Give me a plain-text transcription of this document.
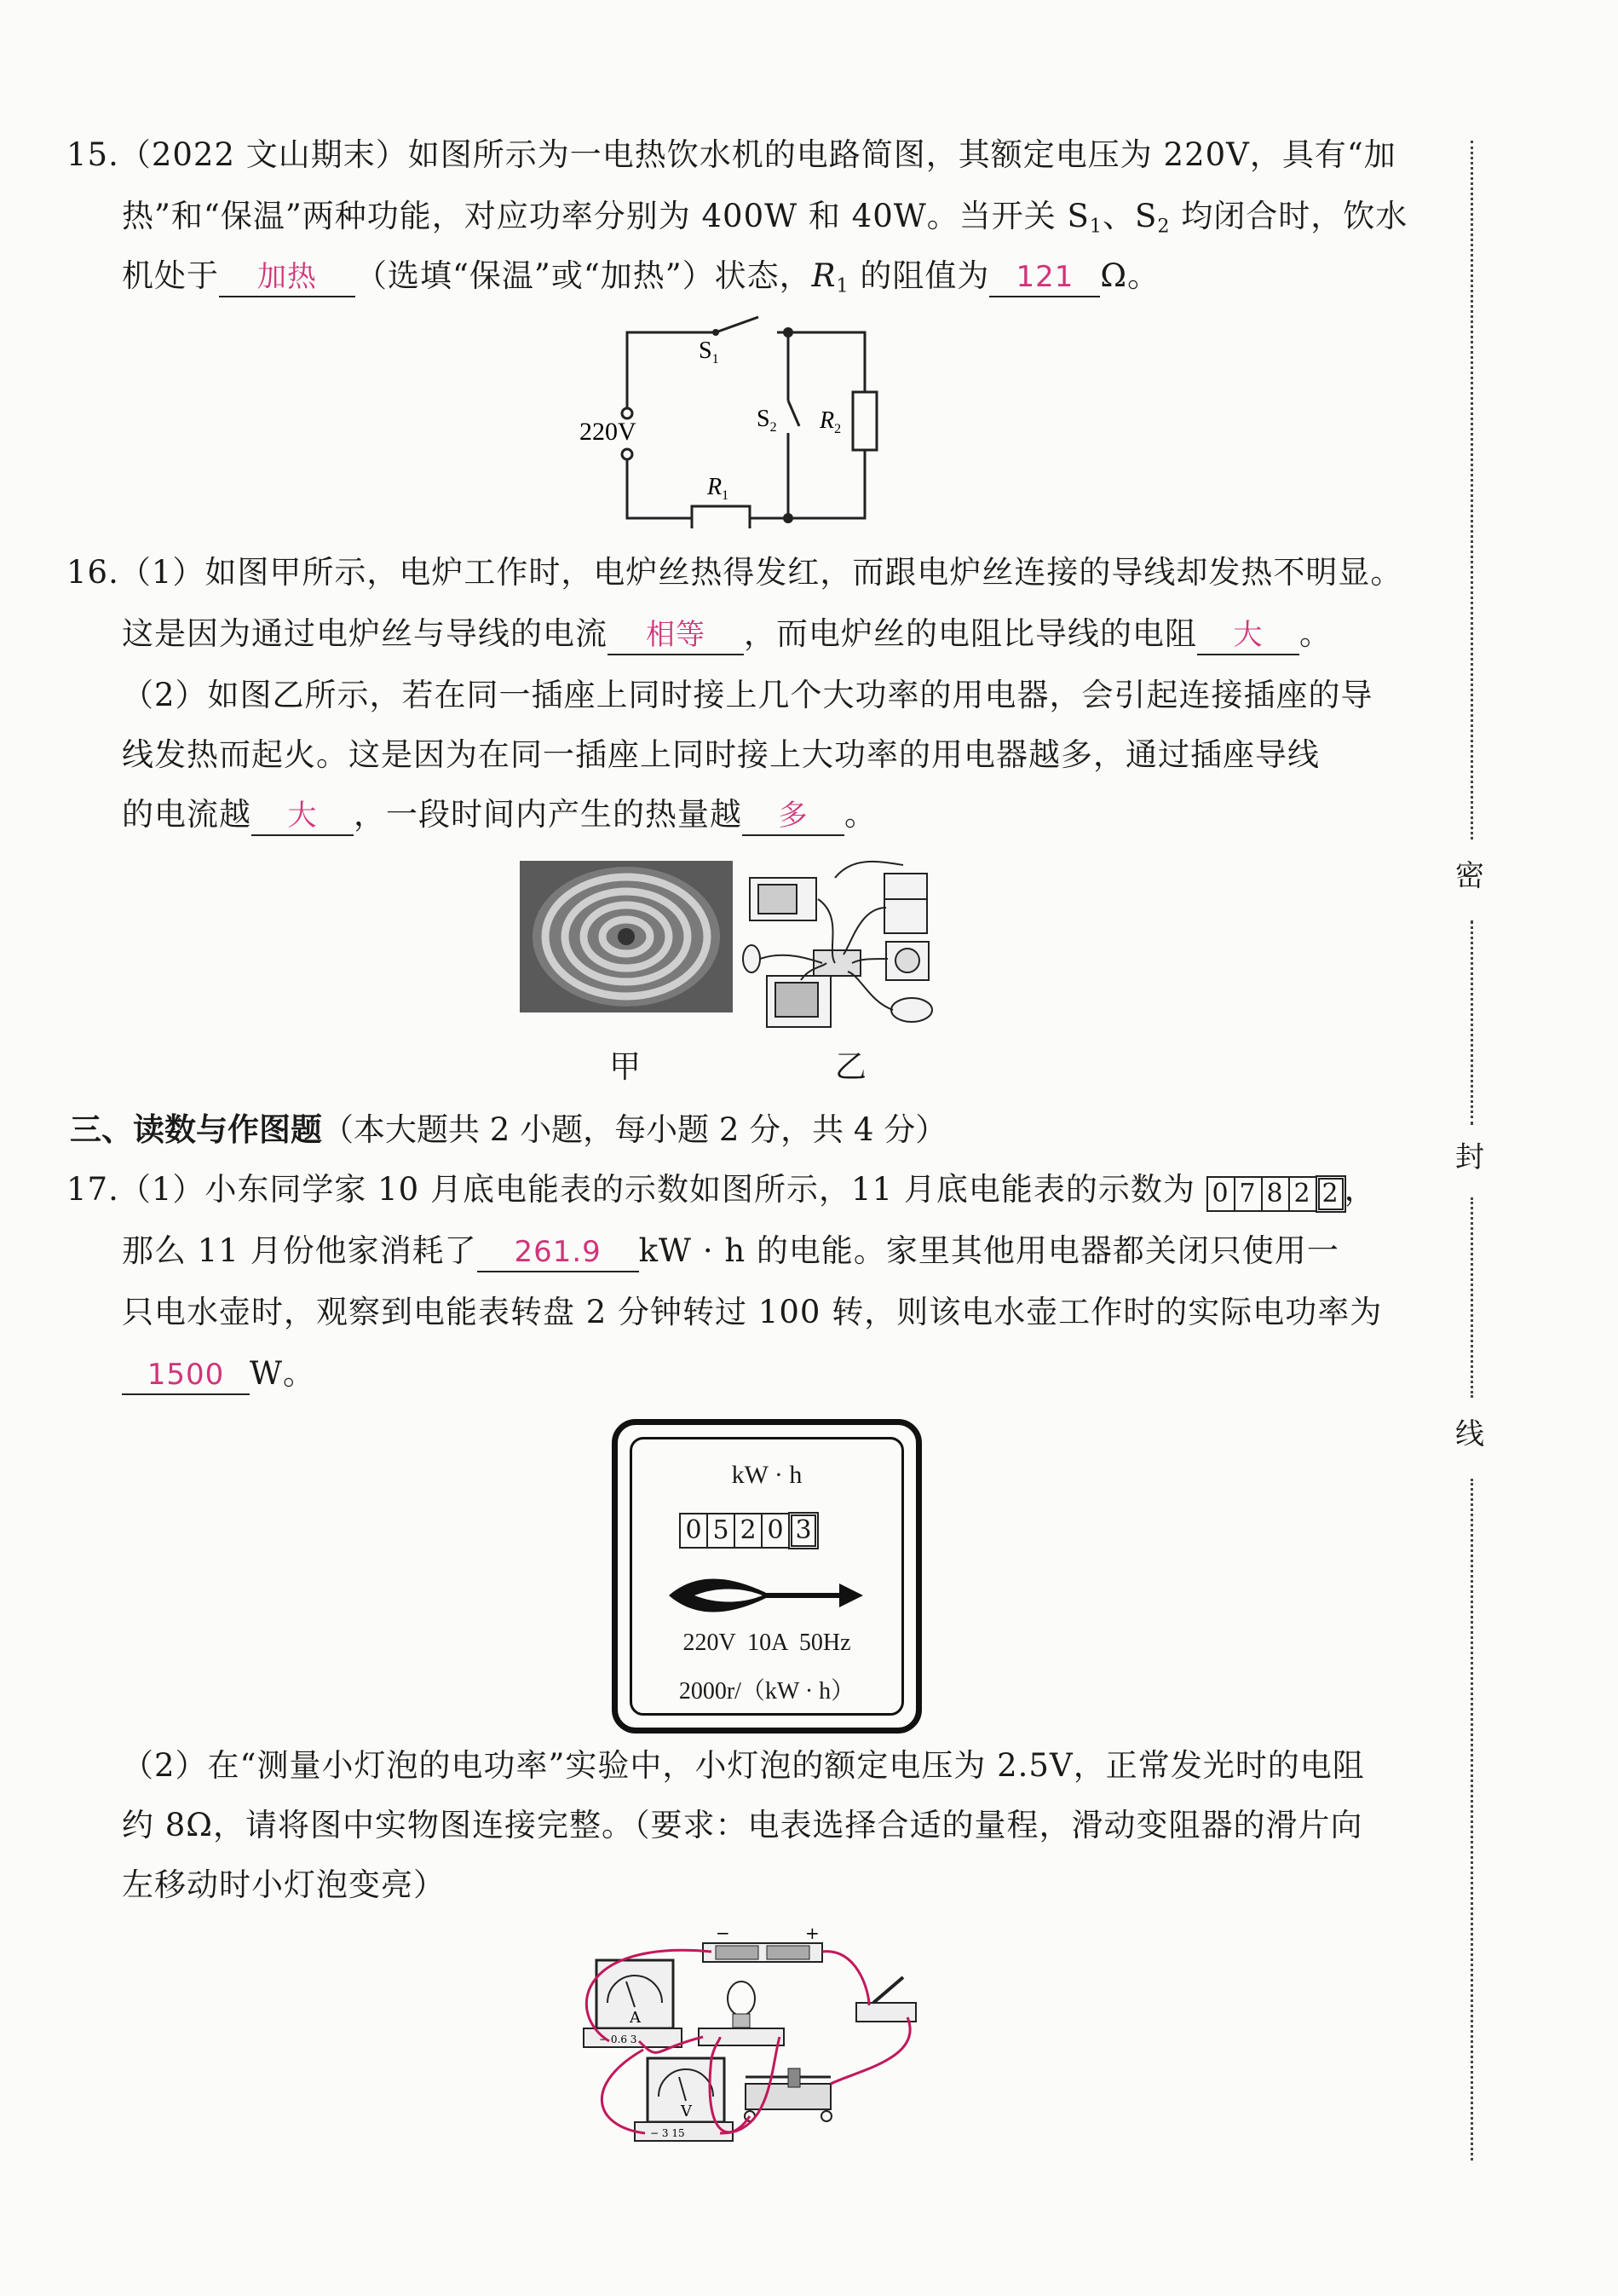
15.（2022 文山期末）如图所示为一电热饮水机的电路简图，其额定电压为 220V，具有“加
热”和“保温”两种功能，对应功率分别为 400W 和 40W。当开关 $S_1$、$S_2$ 均闭合时，饮水
机处于 加热 （选填“保温”或“加热”）状态，$R_1$ 的阻值为 121 Ω。
$S_1$
$S_2$ $R_2$
$R_1$
220V
16.（1）如图甲所示，电炉工作时，电炉丝热得发红，而跟电炉丝连接的导线却发热不明显。
这是因为通过电炉丝与导线的电流 相等 ，而电炉丝的电阻比导线的电阻 大 。
（2）如图乙所示，若在同一插座上同时接上几个大功率的用电器，会引起连接插座的导
线发热而起火。这是因为在同一插座上同时接上大功率的用电器越多，通过插座导线
的电流越 大 ，一段时间内产生的热量越 多 。
甲	乙
三、读数与作图题（本大题共 2 小题，每小题 2 分，共 4 分）
17.（1）小东同学家 10 月底电能表的示数如图所示，11 月底电能表的示数为 0 7 8 2 2 ，
那么 11 月份他家消耗了 261.9 kW · h 的电能。家里其他用电器都关闭只使用一
只电水壶时，观察到电能表转盘 2 分钟转过 100 转，则该电水壶工作时的实际电功率为
1500 W。
kW · h
0 5 2 0 3
220V  10A  50Hz
2000r/（kW · h）
（2）在“测量小灯泡的电功率”实验中，小灯泡的额定电压为 2.5V，正常发光时的电阻
约 8Ω，请将图中实物图连接完整。（要求：电表选择合适的量程，滑动变阻器的滑片向
左移动时小灯泡变亮）
−	+
A
− 0.6 3
V
− 3 15
密
封
线
